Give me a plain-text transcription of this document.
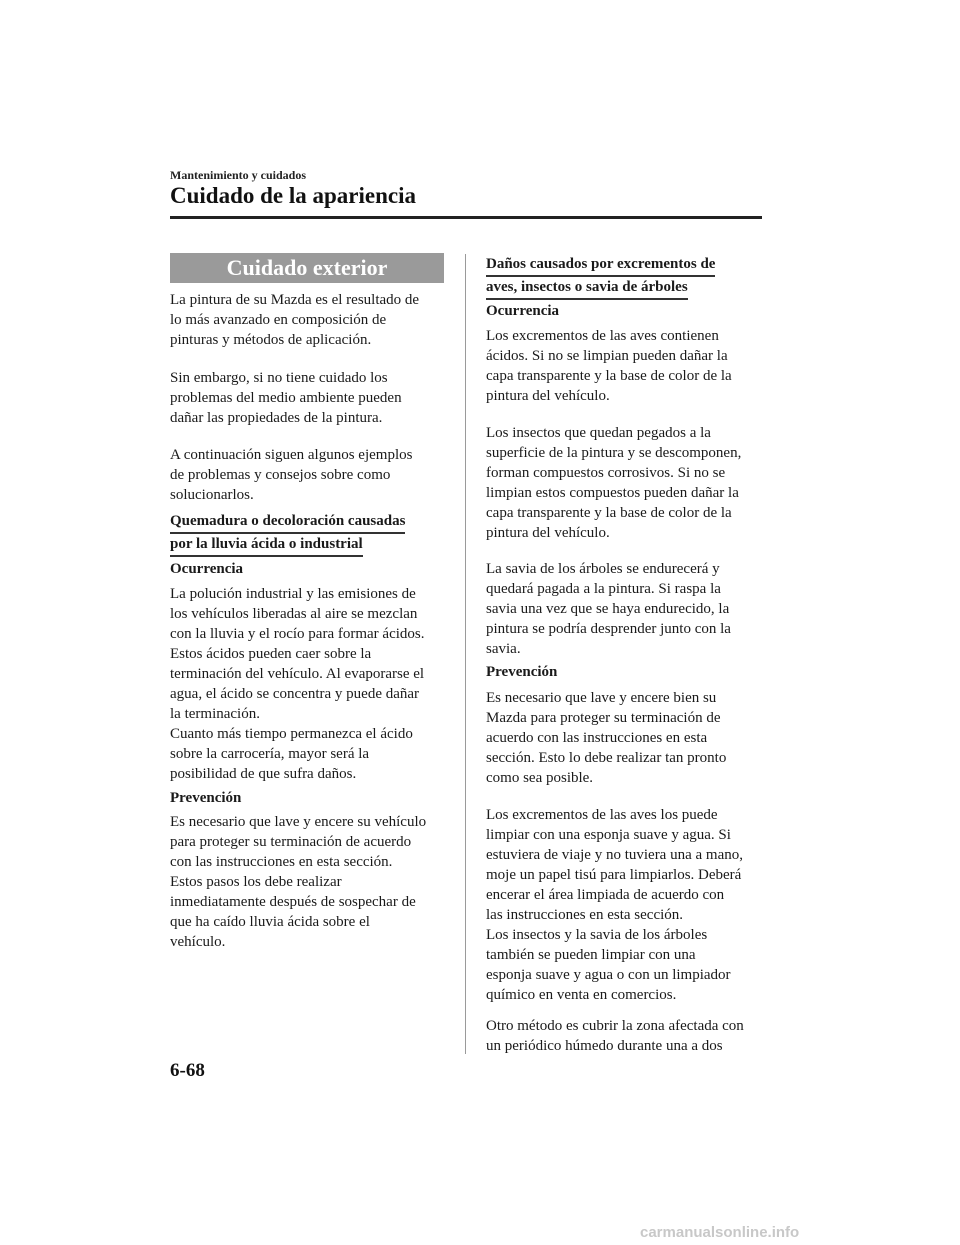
Mantenimiento y cuidados
Cuidado de la apariencia
Cuidado exterior

La pintura de su Mazda es el resultado de

lo más avanzado en composición de

pinturas y métodos de aplicación.

Sin embargo, si no tiene cuidado los

problemas del medio ambiente pueden

dañar las propiedades de la pintura.

A continuación siguen algunos ejemplos

de problemas y consejos sobre como

solucionarlos.

Quemadura o decoloración causadas
por la lluvia ácida o industrial
Ocurrencia

La polución industrial y las emisiones de

los vehículos liberadas al aire se mezclan

con la lluvia y el rocío para formar ácidos.

Estos ácidos pueden caer sobre la

terminación del vehículo. Al evaporarse el

agua, el ácido se concentra y puede dañar

la terminación.

Cuanto más tiempo permanezca el ácido

sobre la carrocería, mayor será la

posibilidad de que sufra daños.

Prevención

Es necesario que lave y encere su vehículo

para proteger su terminación de acuerdo

con las instrucciones en esta sección.

Estos pasos los debe realizar

inmediatamente después de sospechar de

que ha caído lluvia ácida sobre el

vehículo.

Daños causados por excrementos de
aves, insectos o savia de árboles
Ocurrencia

Los excrementos de las aves contienen

ácidos. Si no se limpian pueden dañar la

capa transparente y la base de color de la

pintura del vehículo.

Los insectos que quedan pegados a la

superficie de la pintura y se descomponen,

forman compuestos corrosivos. Si no se

limpian estos compuestos pueden dañar la

capa transparente y la base de color de la

pintura del vehículo.

La savia de los árboles se endurecerá y

quedará pagada a la pintura. Si raspa la

savia una vez que se haya endurecido, la

pintura se podría desprender junto con la

savia.

Prevención

Es necesario que lave y encere bien su

Mazda para proteger su terminación de

acuerdo con las instrucciones en esta

sección. Esto lo debe realizar tan pronto

como sea posible.

Los excrementos de las aves los puede

limpiar con una esponja suave y agua. Si

estuviera de viaje y no tuviera una a mano,

moje un papel tisú para limpiarlos. Deberá

encerar el área limpiada de acuerdo con

las instrucciones en esta sección.

Los insectos y la savia de los árboles

también se pueden limpiar con una

esponja suave y agua o con un limpiador

químico en venta en comercios.

Otro método es cubrir la zona afectada con

un periódico húmedo durante una a dos

6-68
carmanualsonline.info
